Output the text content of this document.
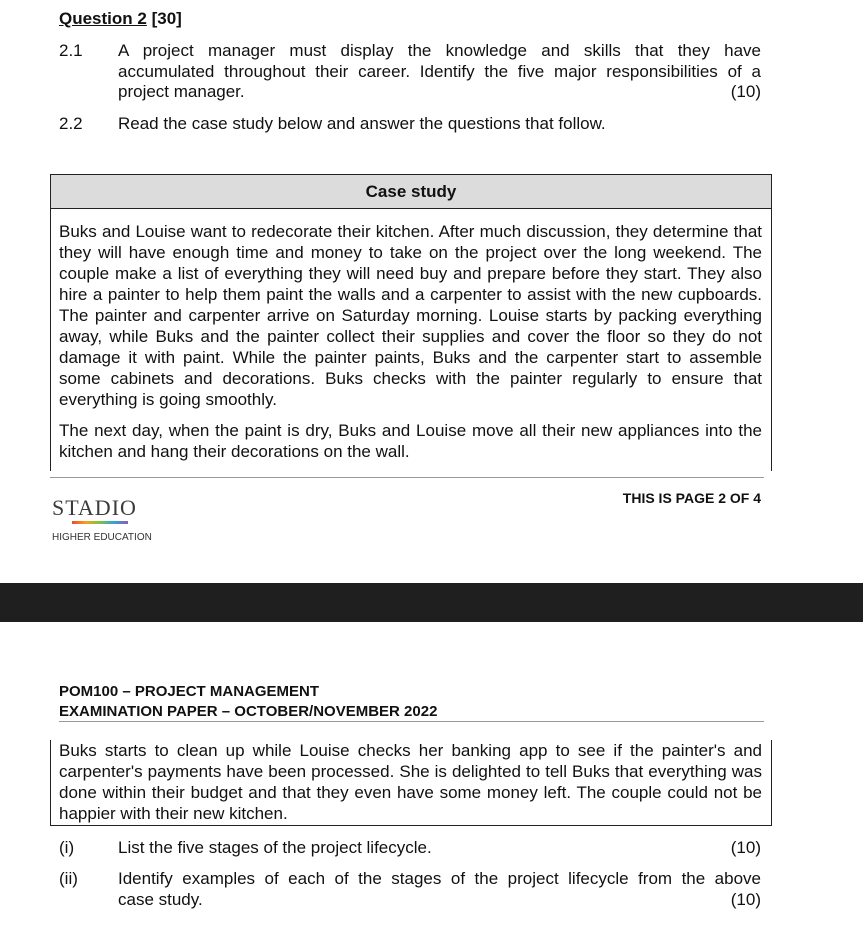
Question 2 [30]
2.1 A project manager must display the knowledge and skills that they have
accumulated throughout their career. Identify the five major responsibilities of a
project manager.	(10)
2.2 Read the case study below and answer the questions that follow.
Case study

Buks and Louise want to redecorate their kitchen. After much discussion, they determine that they will have enough time and money to take on the project over the long weekend. The couple make a list of everything they will need buy and prepare before they start. They also hire a painter to help them paint the walls and a carpenter to assist with the new cupboards. The painter and carpenter arrive on Saturday morning. Louise starts by packing everything away, while Buks and the painter collect their supplies and cover the floor so they do not damage it with paint. While the painter paints, Buks and the carpenter start to assemble some cabinets and decorations. Buks checks with the painter regularly to ensure that everything is going smoothly.

The next day, when the paint is dry, Buks and Louise move all their new appliances into the kitchen and hang their decorations on the wall.

STADIO
HIGHER EDUCATION
THIS IS PAGE 2 OF 4
POM100 – PROJECT MANAGEMENT
EXAMINATION PAPER – OCTOBER/NOVEMBER 2022

Buks starts to clean up while Louise checks her banking app to see if the painter's and carpenter's payments have been processed. She is delighted to tell Buks that everything was done within their budget and that they even have some money left. The couple could not be happier with their new kitchen.

(i)	List the five stages of the project lifecycle.	(10)
(ii) Identify examples of each of the stages of the project lifecycle from the above
case study.	(10)
